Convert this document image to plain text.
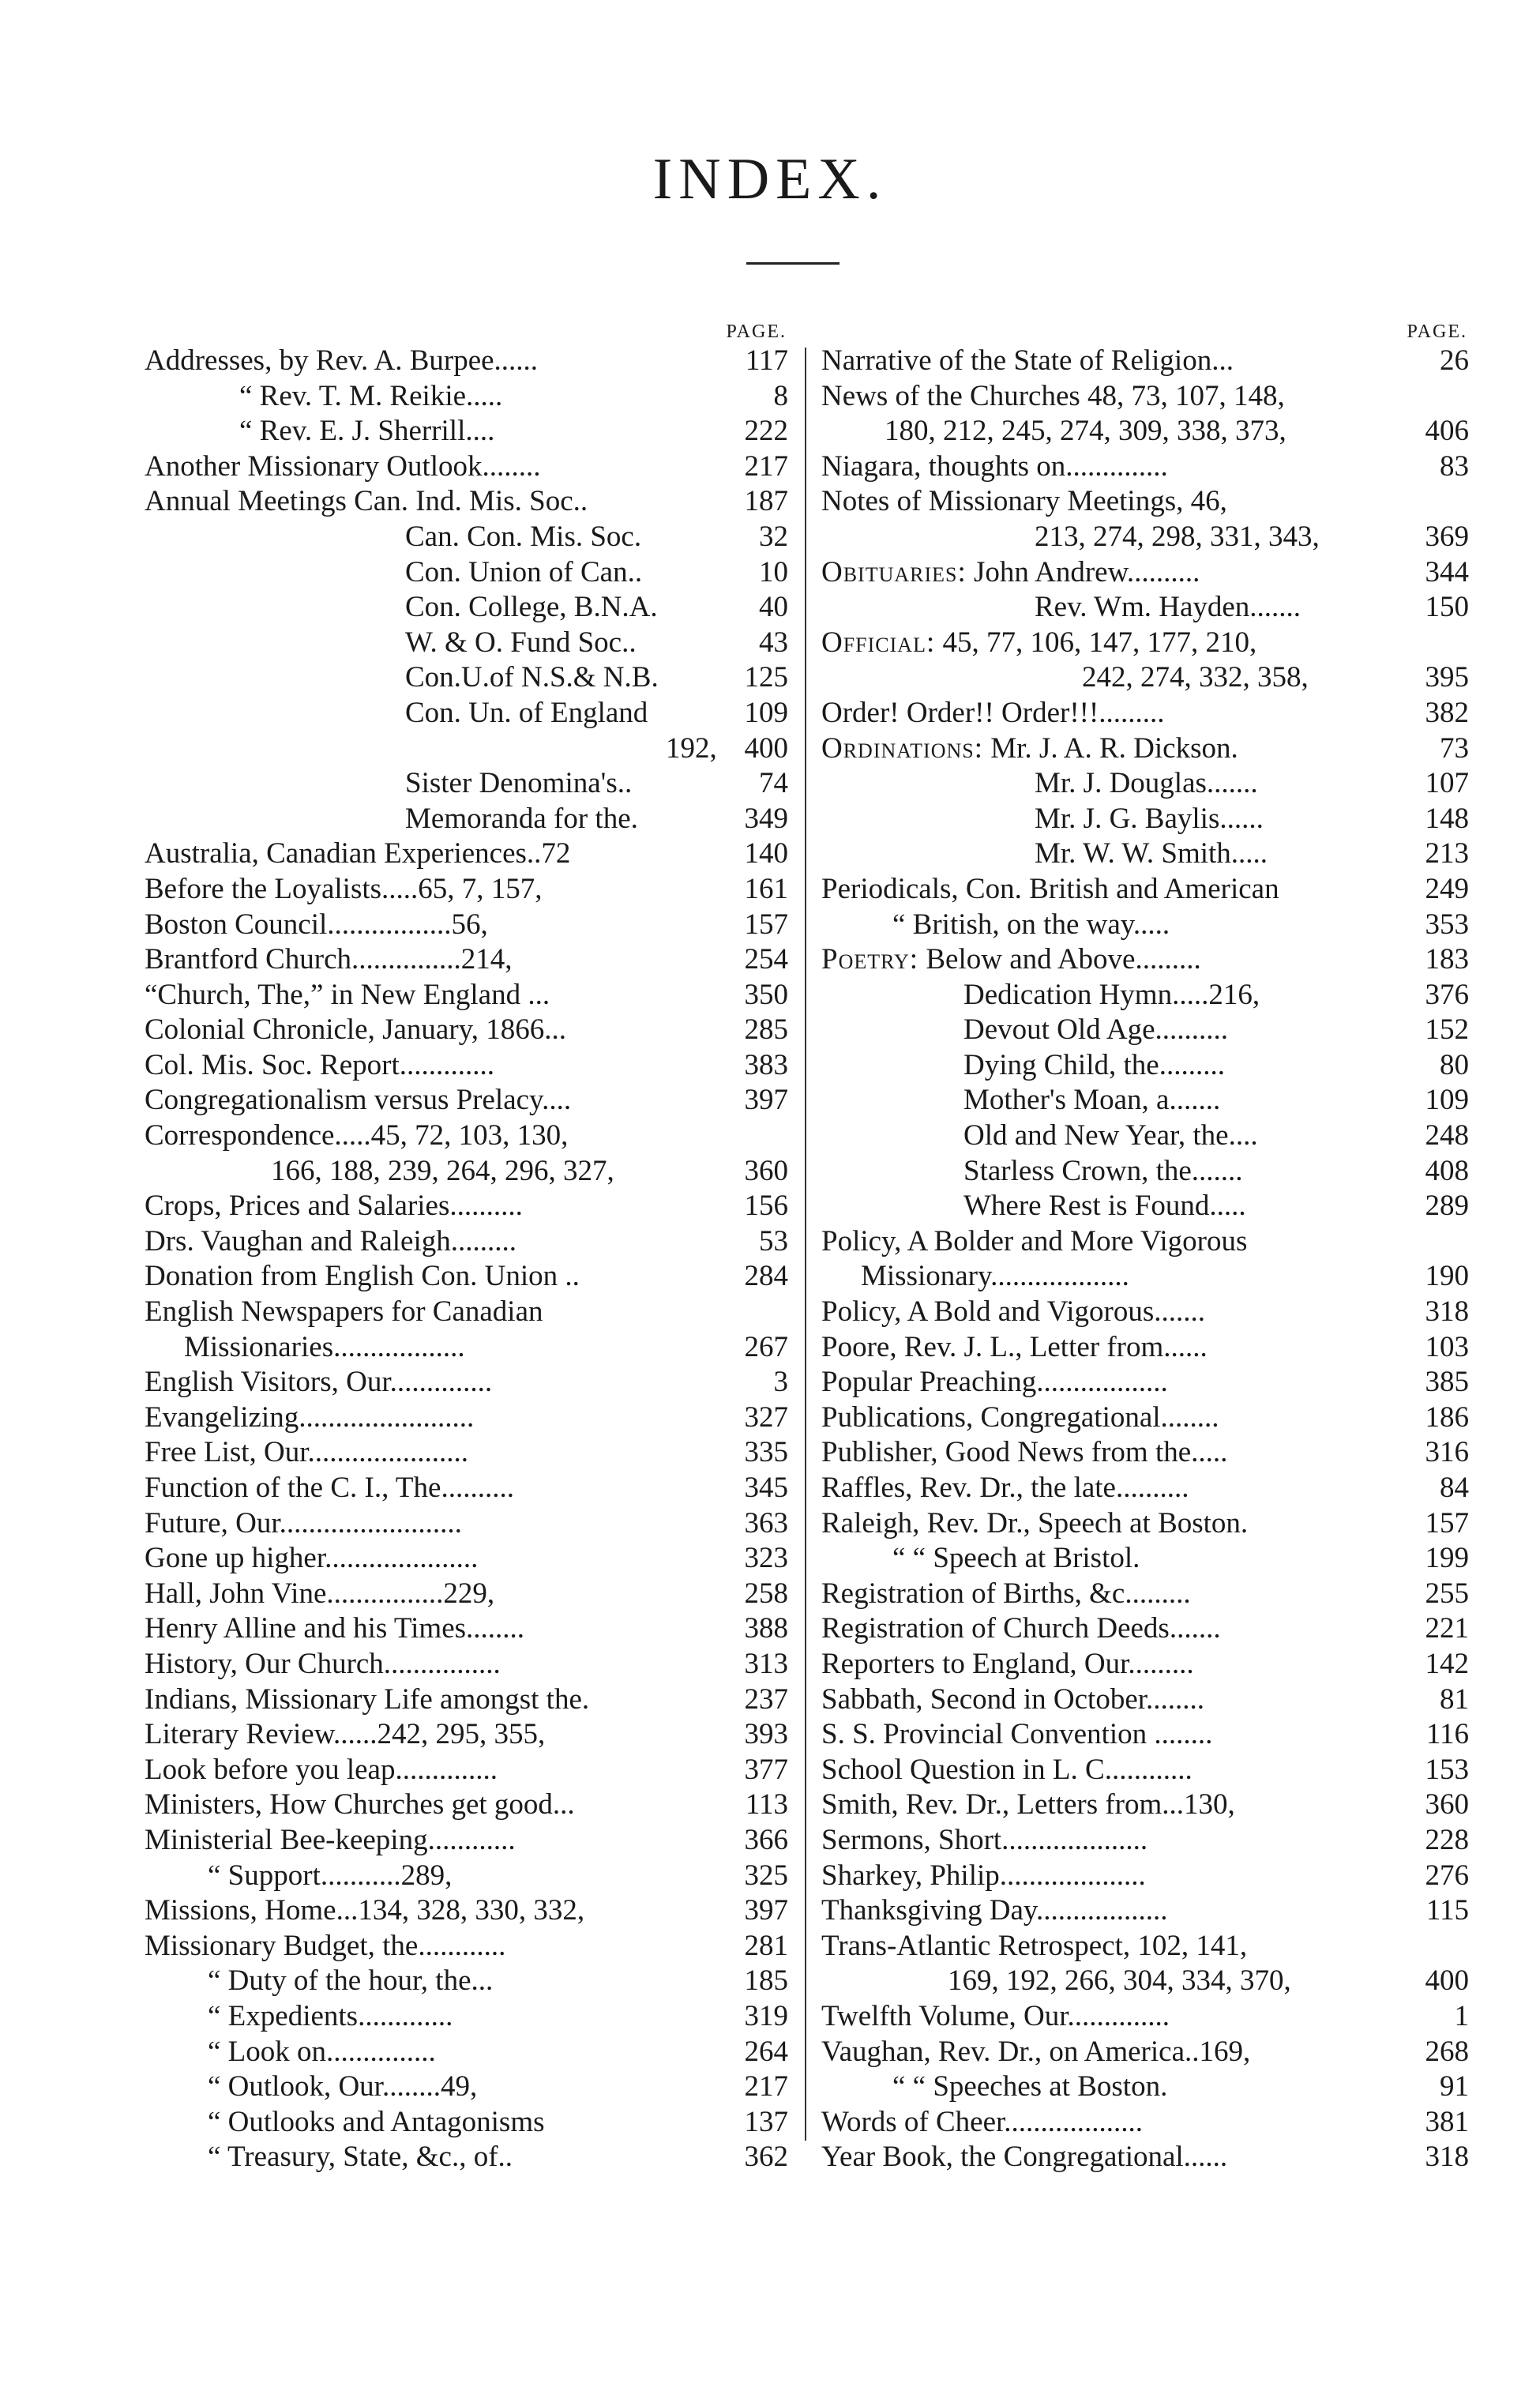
INDEX.
PAGE.
Addresses, by Rev. A. Burpee......	117
“ Rev. T. M. Reikie.....	8
“ Rev. E. J. Sherrill....	222
Another Missionary Outlook........	217
Annual Meetings Can. Ind. Mis. Soc..	187
Can. Con. Mis. Soc.	32
Con. Union of Can..	10
Con. College, B.N.A.	40
W. & O. Fund Soc..	43
Con.U.of N.S.& N.B.	125
Con. Un. of England	109
192, 400
Sister Denomina's..	74
Memoranda for the.	349
Australia, Canadian Experiences..72	140
Before the Loyalists.....65, 7, 157,	161
Boston Council.................56,	157
Brantford Church...............214,	254
“Church, The,” in New England ...	350
Colonial Chronicle, January, 1866...	285
Col. Mis. Soc. Report.............	383
Congregationalism versus Prelacy....	397
Correspondence.....45, 72, 103, 130,
166, 188, 239, 264, 296, 327,	360
Crops, Prices and Salaries..........	156
Drs. Vaughan and Raleigh.........	53
Donation from English Con. Union ..	284
English Newspapers for Canadian
Missionaries..................	267
English Visitors, Our..............	3
Evangelizing........................	327
Free List, Our......................	335
Function of the C. I., The..........	345
Future, Our.........................	363
Gone up higher.....................	323
Hall, John Vine................229,	258
Henry Alline and his Times........	388
History, Our Church................	313
Indians, Missionary Life amongst the.	237
Literary Review......242, 295, 355,	393
Look before you leap..............	377
Ministers, How Churches get good...	113
Ministerial Bee-keeping............	366
“ Support...........289,	325
Missions, Home...134, 328, 330, 332,	397
Missionary Budget, the............	281
“ Duty of the hour, the...	185
“ Expedients.............	319
“ Look on...............	264
“ Outlook, Our........49,	217
“ Outlooks and Antagonisms	137
“ Treasury, State, &c., of..	362
PAGE.
Narrative of the State of Religion...	26
News of the Churches 48, 73, 107, 148,
180, 212, 245, 274, 309, 338, 373,	406
Niagara, thoughts on..............	83
Notes of Missionary Meetings, 46,
213, 274, 298, 331, 343,	369
Obituaries: John Andrew..........	344
Rev. Wm. Hayden.......	150
Official: 45, 77, 106, 147, 177, 210,
242, 274, 332, 358,	395
Order! Order!! Order!!!.........	382
Ordinations: Mr. J. A. R. Dickson.	73
Mr. J. Douglas.......	107
Mr. J. G. Baylis......	148
Mr. W. W. Smith.....	213
Periodicals, Con. British and American	249
“ British, on the way.....	353
Poetry: Below and Above.........	183
Dedication Hymn.....216,	376
Devout Old Age..........	152
Dying Child, the.........	80
Mother's Moan, a.......	109
Old and New Year, the....	248
Starless Crown, the.......	408
Where Rest is Found.....	289
Policy, A Bolder and More Vigorous
Missionary...................	190
Policy, A Bold and Vigorous.......	318
Poore, Rev. J. L., Letter from......	103
Popular Preaching..................	385
Publications, Congregational........	186
Publisher, Good News from the.....	316
Raffles, Rev. Dr., the late..........	84
Raleigh, Rev. Dr., Speech at Boston.	157
“ “ Speech at Bristol.	199
Registration of Births, &c.........	255
Registration of Church Deeds.......	221
Reporters to England, Our.........	142
Sabbath, Second in October........	81
S. S. Provincial Convention ........	116
School Question in L. C............	153
Smith, Rev. Dr., Letters from...130,	360
Sermons, Short....................	228
Sharkey, Philip....................	276
Thanksgiving Day..................	115
Trans-Atlantic Retrospect, 102, 141,
169, 192, 266, 304, 334, 370,	400
Twelfth Volume, Our..............	1
Vaughan, Rev. Dr., on America..169,	268
“ “ Speeches at Boston.	91
Words of Cheer...................	381
Year Book, the Congregational......	318
